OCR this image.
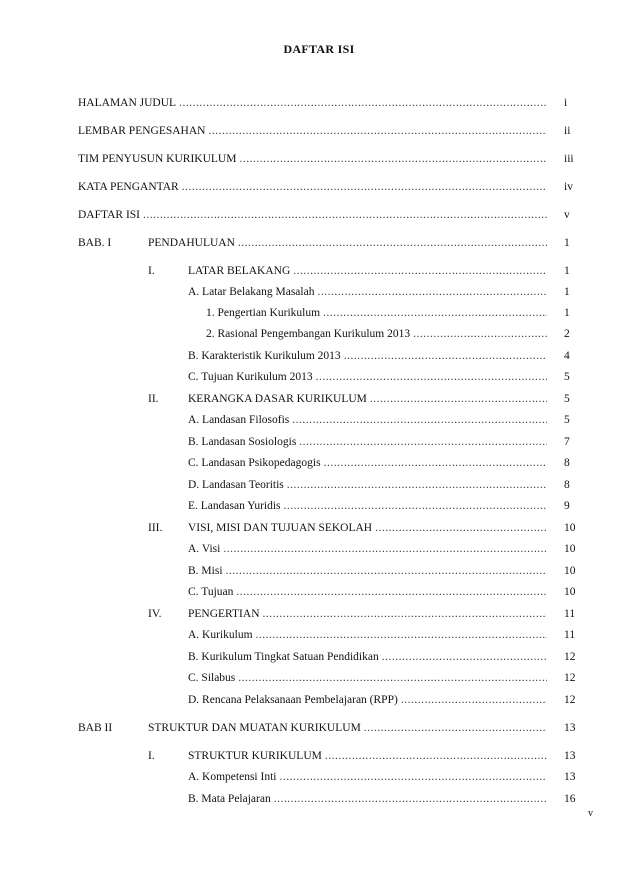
DAFTAR ISI
HALAMAN JUDUL .....	i
LEMBAR PENGESAHAN .....	ii
TIM PENYUSUN KURIKULUM .....	iii
KATA PENGANTAR .....	iv
DAFTAR ISI .....	v
BAB. I	PENDAHULUAN .....	1
I.	LATAR BELAKANG .....	1
A. Latar Belakang Masalah .....	1
1. Pengertian Kurikulum .....	1
2. Rasional Pengembangan Kurikulum 2013 .....	2
B. Karakteristik Kurikulum 2013 .....	4
C. Tujuan Kurikulum 2013 .....	5
II.	KERANGKA DASAR KURIKULUM .....	5
A. Landasan Filosofis .....	5
B. Landasan Sosiologis .....	7
C. Landasan Psikopedagogis .....	8
D. Landasan Teoritis .....	8
E. Landasan Yuridis .....	9
III. VISI, MISI DAN TUJUAN SEKOLAH .....	10
A. Visi .....	10
B. Misi .....	10
C. Tujuan .....	10
IV. PENGERTIAN .....	11
A. Kurikulum .....	11
B. Kurikulum Tingkat Satuan Pendidikan .....	12
C. Silabus .....	12
D. Rencana Pelaksanaan Pembelajaran (RPP) .....	12
BAB II	STRUKTUR DAN MUATAN KURIKULUM .....	13
I.	STRUKTUR KURIKULUM .....	13
A. Kompetensi Inti .....	13
B. Mata Pelajaran .....	16
v
